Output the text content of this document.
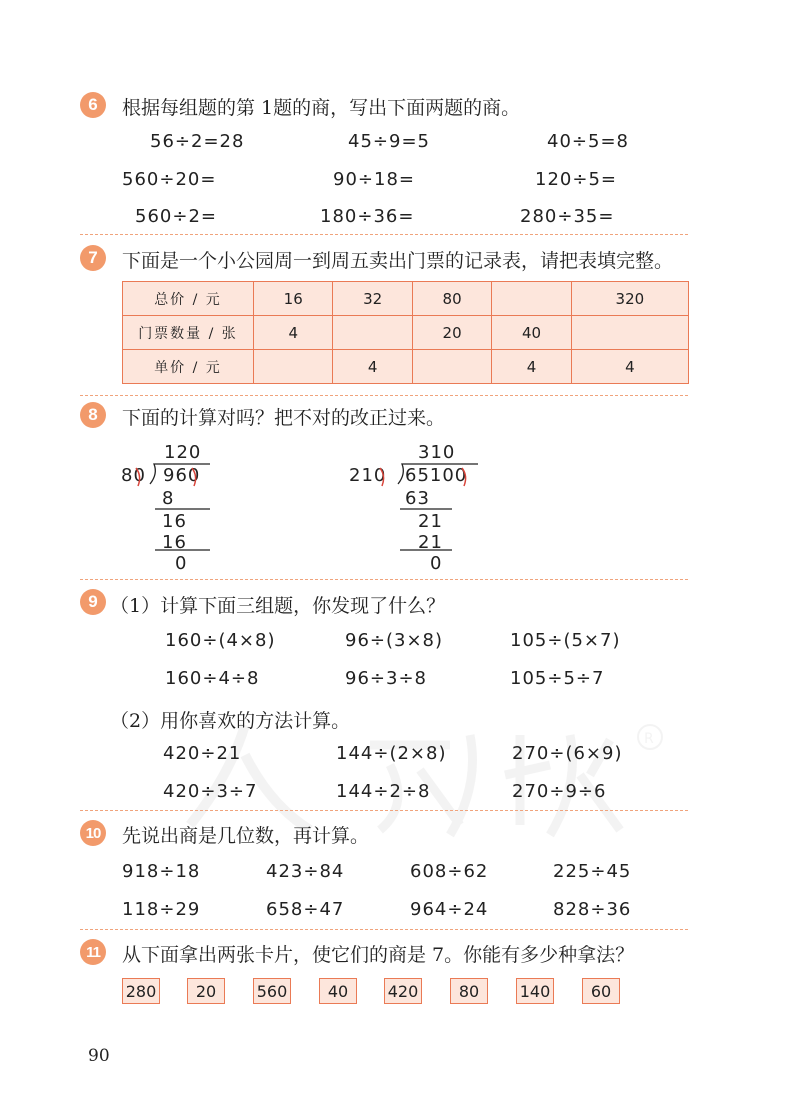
R
6	根据每组题的第 1题的商，写出下面两题的商。
56÷2=28	45÷9=5	40÷5=8
560÷20=	90÷18=	120÷5=
560÷2=	180÷36=	280÷35=
7	下面是一个小公园周一到周五卖出门票的记录表，请把表填完整。
总价 / 元	16	32	80		320
门票数量 / 张	4		20	40	
单价 / 元		4		4	4
8	下面的计算对吗？把不对的改正过来。
120
80 960
8
16
16
0
310
210 65100
63
21
21
0
9 （1）计算下面三组题，你发现了什么？
160÷(4×8)	96÷(3×8)	105÷(5×7)
160÷4÷8	96÷3÷8	105÷5÷7
（2）用你喜欢的方法计算。
420÷21	144÷(2×8)	270÷(6×9)
420÷3÷7	144÷2÷8	270÷9÷6
10 先说出商是几位数，再计算。
918÷18	423÷84	608÷62	225÷45
118÷29	658÷47	964÷24	828÷36
11	从下面拿出两张卡片，使它们的商是 7。你能有多少种拿法？
280	20	560	40	420	80	140	60
90
